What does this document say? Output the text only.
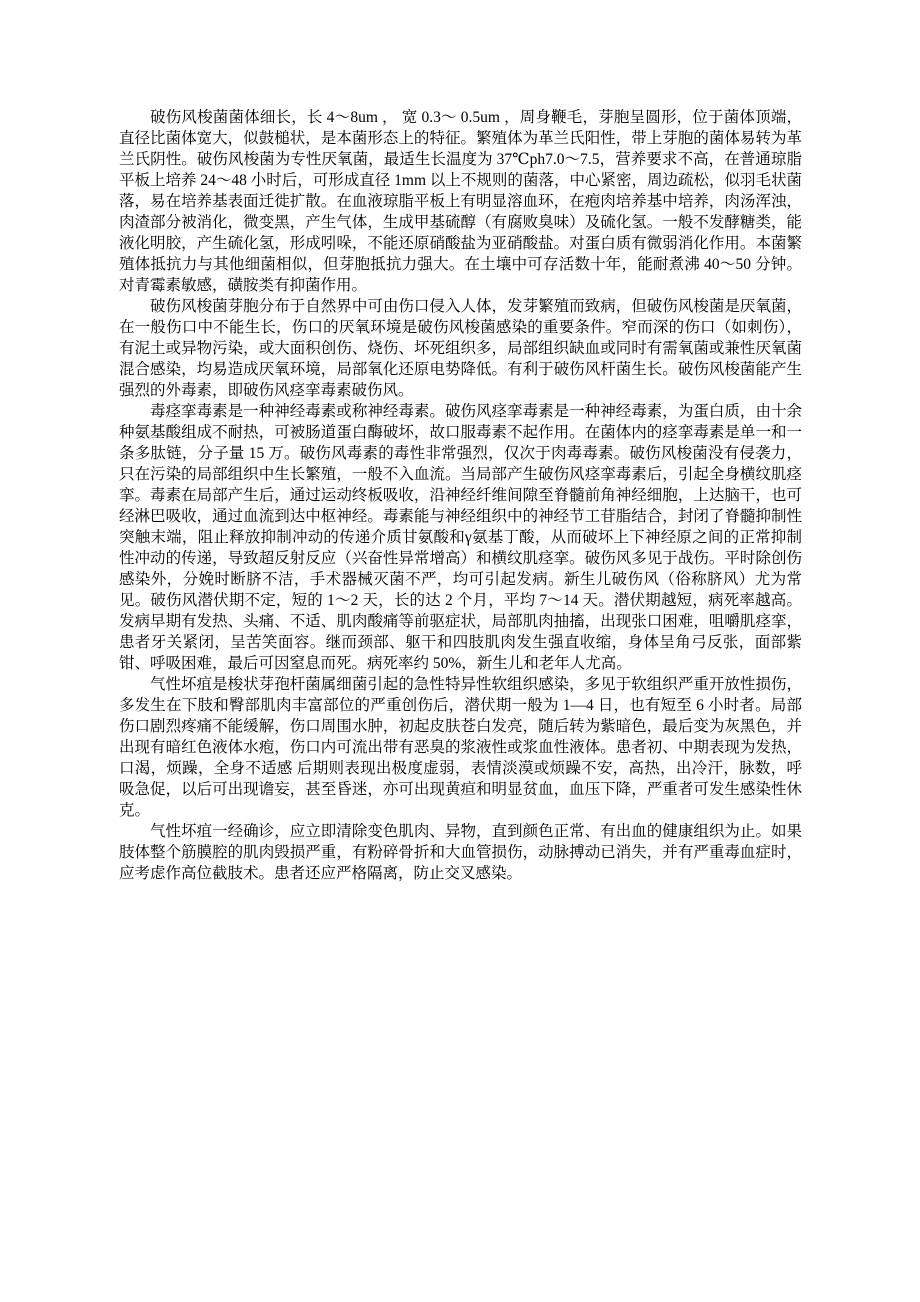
破伤风梭菌菌体细长，长 4～8um ， 宽 0.3～ 0.5um ，周身鞭毛，芽胞呈圆形，位于菌体顶端，直径比菌体宽大，似鼓槌状，是本菌形态上的特征。繁殖体为革兰氏阳性，带上芽胞的菌体易转为革兰氏阴性。破伤风梭菌为专性厌氧菌，最适生长温度为 37℃ph7.0～7.5，营养要求不高，在普通琼脂平板上培养 24～48 小时后，可形成直径 1mm 以上不规则的菌落，中心紧密，周边疏松，似羽毛状菌落，易在培养基表面迁徙扩散。在血液琼脂平板上有明显溶血环，在疱肉培养基中培养，肉汤浑浊，肉渣部分被消化，微变黑，产生气体，生成甲基硫醇（有腐败臭味）及硫化氢。一般不发酵糖类，能液化明胶，产生硫化氢，形成吲哚，不能还原硝酸盐为亚硝酸盐。对蛋白质有微弱消化作用。本菌繁殖体抵抗力与其他细菌相似，但芽胞抵抗力强大。在土壤中可存活数十年，能耐煮沸 40～50 分钟。对青霉素敏感，磺胺类有抑菌作用。

破伤风梭菌芽胞分布于自然界中可由伤口侵入人体，发芽繁殖而致病，但破伤风梭菌是厌氧菌，在一般伤口中不能生长，伤口的厌氧环境是破伤风梭菌感染的重要条件。窄而深的伤口（如刺伤），有泥土或异物污染，或大面积创伤、烧伤、坏死组织多，局部组织缺血或同时有需氧菌或兼性厌氧菌混合感染，均易造成厌氧环境，局部氧化还原电势降低。有利于破伤风杆菌生长。破伤风梭菌能产生强烈的外毒素，即破伤风痉挛毒素破伤风。

毒痉挛毒素是一种神经毒素或称神经毒素。破伤风痉挛毒素是一种神经毒素，为蛋白质，由十余种氨基酸组成不耐热，可被肠道蛋白酶破坏，故口服毒素不起作用。在菌体内的痉挛毒素是单一和一条多肽链，分子量 15 万。破伤风毒素的毒性非常强烈，仅次于肉毒毒素。破伤风梭菌没有侵袭力，只在污染的局部组织中生长繁殖，一般不入血流。当局部产生破伤风痉挛毒素后，引起全身横纹肌痉挛。毒素在局部产生后，通过运动终板吸收，沿神经纤维间隙至脊髓前角神经细胞，上达脑干，也可经淋巴吸收，通过血流到达中枢神经。毒素能与神经组织中的神经节工苷脂结合，封闭了脊髓抑制性突触末端，阻止释放抑制冲动的传递介质甘氨酸和γ氨基丁酸，从而破坏上下神经原之间的正常抑制性冲动的传递，导致超反射反应（兴奋性异常增高）和横纹肌痉挛。破伤风多见于战伤。平时除创伤感染外，分娩时断脐不洁，手术器械灭菌不严，均可引起发病。新生儿破伤风（俗称脐风）尤为常见。破伤风潜伏期不定，短的 1～2 天，长的达 2 个月，平均 7～14 天。潜伏期越短，病死率越高。发病早期有发热、头痛、不适、肌肉酸痛等前驱症状，局部肌肉抽搐，出现张口困难，咀嚼肌痉挛，患者牙关紧闭，呈苦笑面容。继而颈部、躯干和四肢肌肉发生强直收缩，身体呈角弓反张，面部紫钳、呼吸困难，最后可因窒息而死。病死率约 50%，新生儿和老年人尤高。

气性坏疽是梭状芽孢杆菌属细菌引起的急性特异性软组织感染，多见于软组织严重开放性损伤，多发生在下肢和臀部肌肉丰富部位的严重创伤后，潜伏期一般为 1—4 日，也有短至 6 小时者。局部伤口剧烈疼痛不能缓解，伤口周围水肿，初起皮肤苍白发亮，随后转为紫暗色，最后变为灰黑色，并出现有暗红色液体水疱，伤口内可流出带有恶臭的浆液性或浆血性液体。患者初、中期表现为发热，口渴，烦躁，全身不适感 后期则表现出极度虚弱，表情淡漠或烦躁不安，高热，出冷汗，脉数，呼吸急促，以后可出现谵妄，甚至昏迷，亦可出现黄疸和明显贫血，血压下降，严重者可发生感染性休克。

气性坏疽一经确诊，应立即清除变色肌肉、异物，直到颜色正常、有出血的健康组织为止。如果肢体整个筋膜腔的肌肉毁损严重，有粉碎骨折和大血管损伤，动脉搏动已消失，并有严重毒血症时，应考虑作高位截肢术。患者还应严格隔离，防止交叉感染。
